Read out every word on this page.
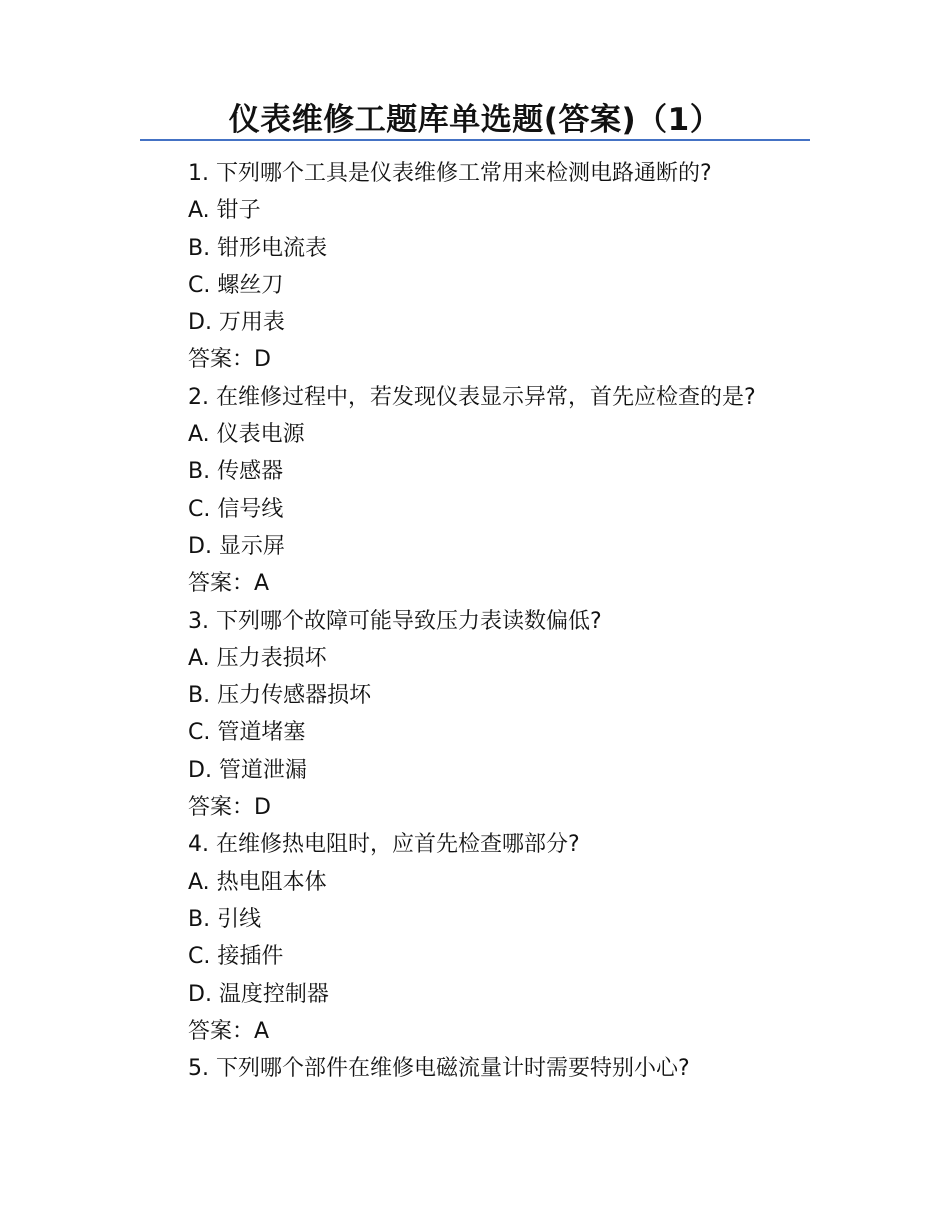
仪表维修工题库单选题(答案)（1）
1. 下列哪个工具是仪表维修工常用来检测电路通断的?
A. 钳子
B. 钳形电流表
C. 螺丝刀
D. 万用表
答案：D
2. 在维修过程中，若发现仪表显示异常，首先应检查的是?
A. 仪表电源
B. 传感器
C. 信号线
D. 显示屏
答案：A
3. 下列哪个故障可能导致压力表读数偏低?
A. 压力表损坏
B. 压力传感器损坏
C. 管道堵塞
D. 管道泄漏
答案：D
4. 在维修热电阻时，应首先检查哪部分?
A. 热电阻本体
B. 引线
C. 接插件
D. 温度控制器
答案：A
5. 下列哪个部件在维修电磁流量计时需要特别小心?
